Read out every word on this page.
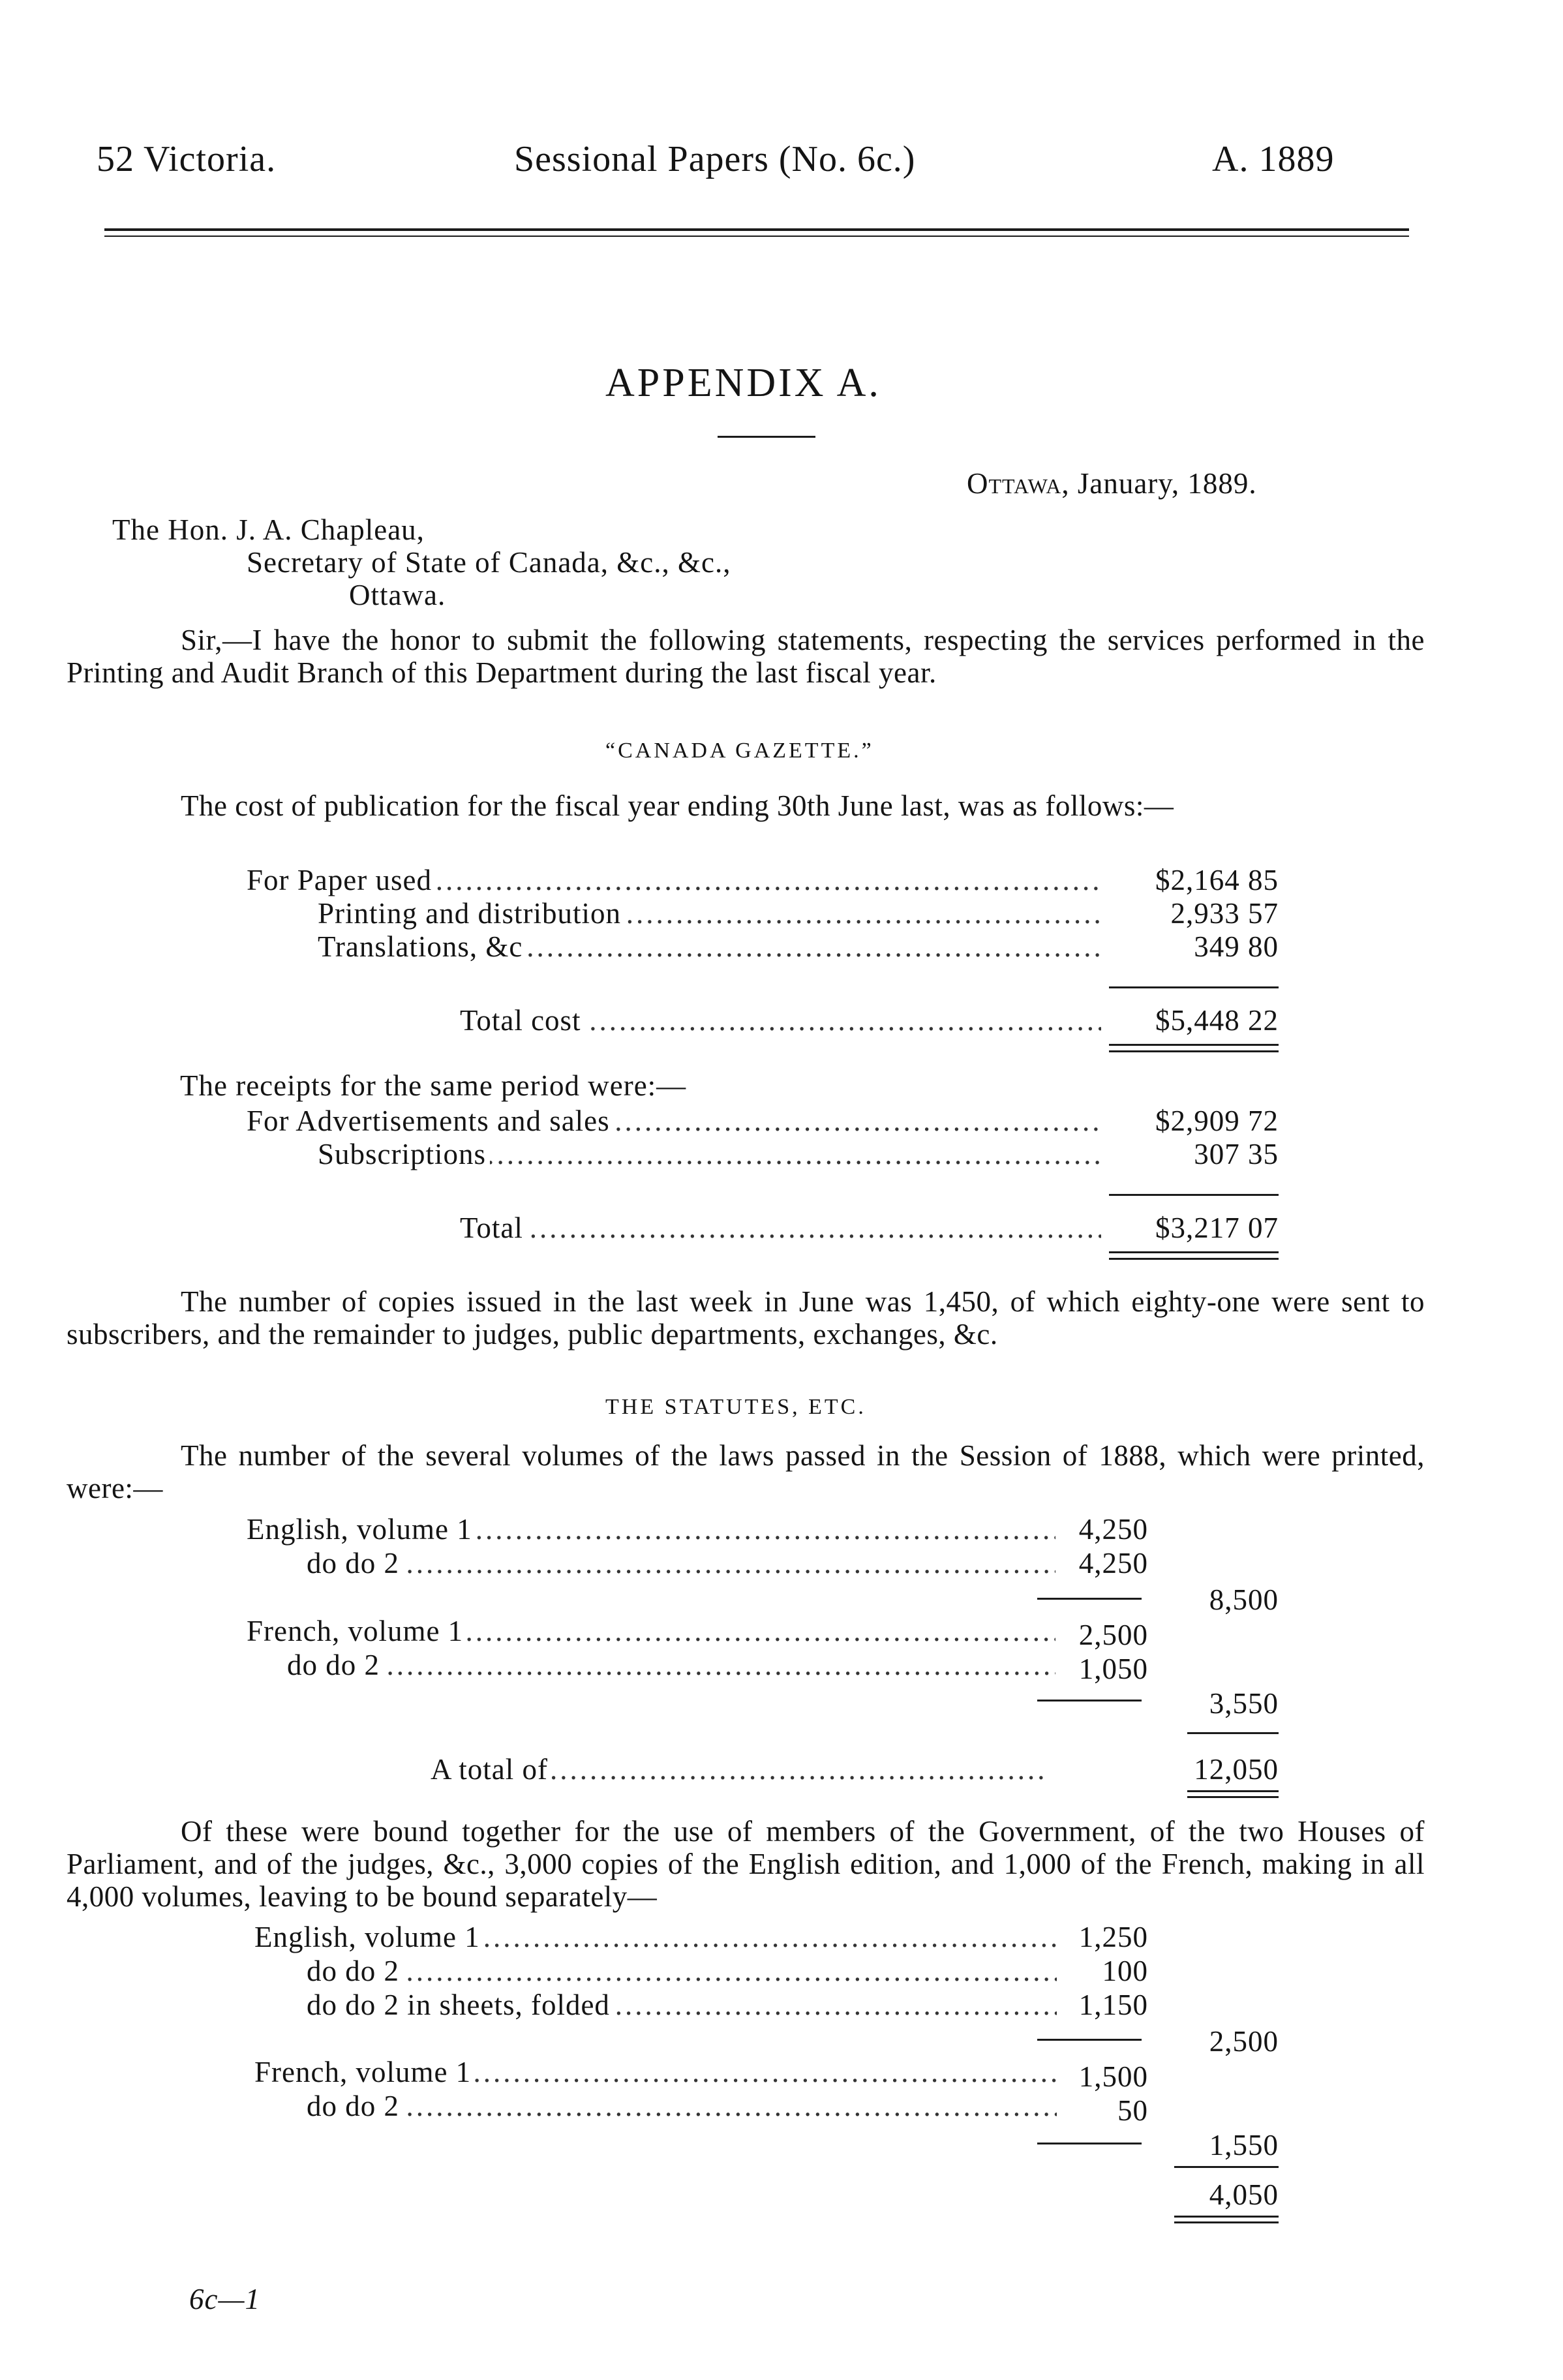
52 Victoria.	Sessional Papers (No. 6c.)	A. 1889
APPENDIX A.
Ottawa, January, 1889.
The Hon. J. A. Chapleau,
Secretary of State of Canada, &c., &c.,
Ottawa.
Sir,—I have the honor to submit the following statements, respecting the services performed in the Printing and Audit Branch of this Department during the last fiscal year.
“CANADA GAZETTE.”
The cost of publication for the fiscal year ending 30th June last, was as follows:—
.....
For Paper used	$2,164 85
.....
Printing and distribution	2,933 57
.....
Translations, &c	349 80
.....
Total cost	$5,448 22
The receipts for the same period were:—
.....
For Advertisements and sales	$2,909 72
.....
Subscriptions	307 35
.....
Total	$3,217 07
The number of copies issued in the last week in June was 1,450, of which eighty-one were sent to subscribers, and the remainder to judges, public departments, exchanges, &c.
THE STATUTES, ETC.
The number of the several volumes of the laws passed in the Session of 1888, which were printed, were:—
.....
English, volume 1	4,250
.....
do do 2	4,250
8,500
.....
French, volume 1	2,500
.....
do do 2	1,050
3,550
.....
A total of	12,050
Of these were bound together for the use of members of the Government, of the two Houses of Parliament, and of the judges, &c., 3,000 copies of the English edition, and 1,000 of the French, making in all 4,000 volumes, leaving to be bound separately—
.....
English, volume 1	1,250
.....
do do 2	100
.....
do do 2 in sheets, folded	1,150
2,500
.....
French, volume 1	1,500
.....
do do 2	50
1,550
4,050
6c—1
